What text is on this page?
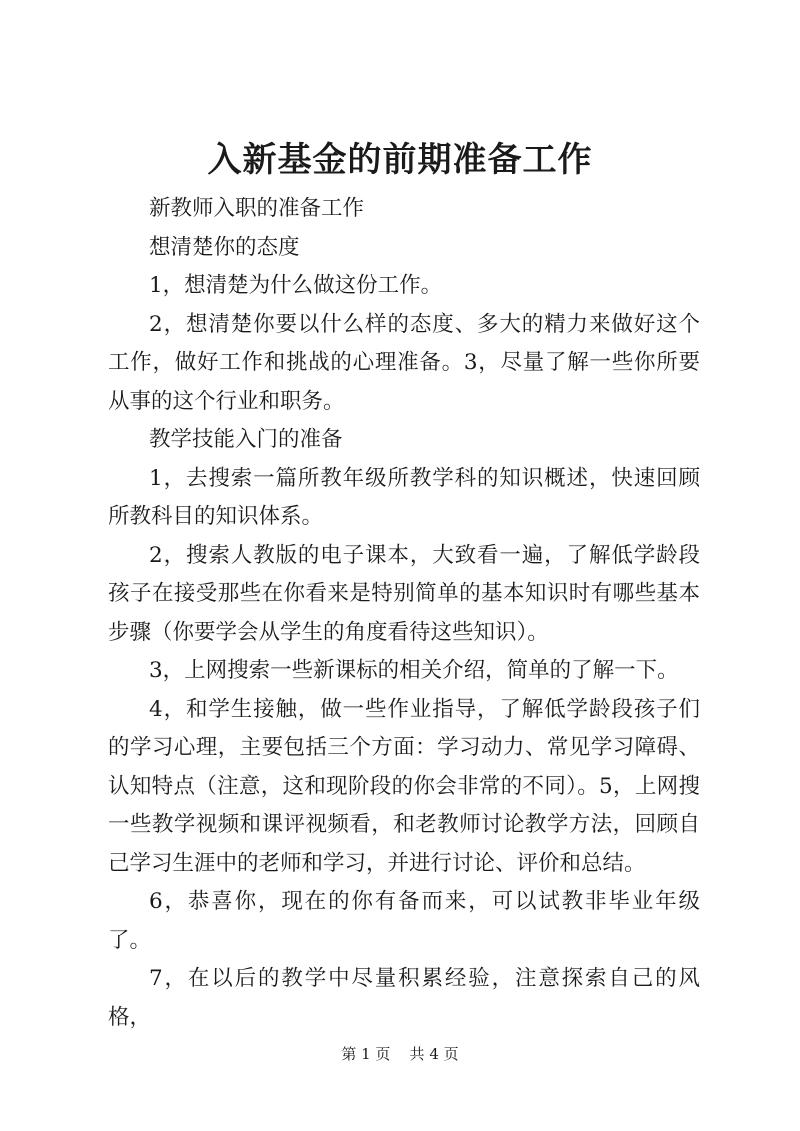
入新基金的前期准备工作

新教师入职的准备工作

想清楚你的态度

1，想清楚为什么做这份工作。

2，想清楚你要以什么样的态度、多大的精力来做好这个工作，做好工作和挑战的心理准备。3，尽量了解一些你所要从事的这个行业和职务。

教学技能入门的准备

1，去搜索一篇所教年级所教学科的知识概述，快速回顾所教科目的知识体系。

2，搜索人教版的电子课本，大致看一遍，了解低学龄段孩子在接受那些在你看来是特别简单的基本知识时有哪些基本步骤（你要学会从学生的角度看待这些知识）。

3，上网搜索一些新课标的相关介绍，简单的了解一下。

4，和学生接触，做一些作业指导，了解低学龄段孩子们的学习心理，主要包括三个方面：学习动力、常见学习障碍、认知特点（注意，这和现阶段的你会非常的不同）。5，上网搜一些教学视频和课评视频看，和老教师讨论教学方法，回顾自己学习生涯中的老师和学习，并进行讨论、评价和总结。

6，恭喜你，现在的你有备而来，可以试教非毕业年级了。

7，在以后的教学中尽量积累经验，注意探索自己的风格，

第 1 页 共 4 页
